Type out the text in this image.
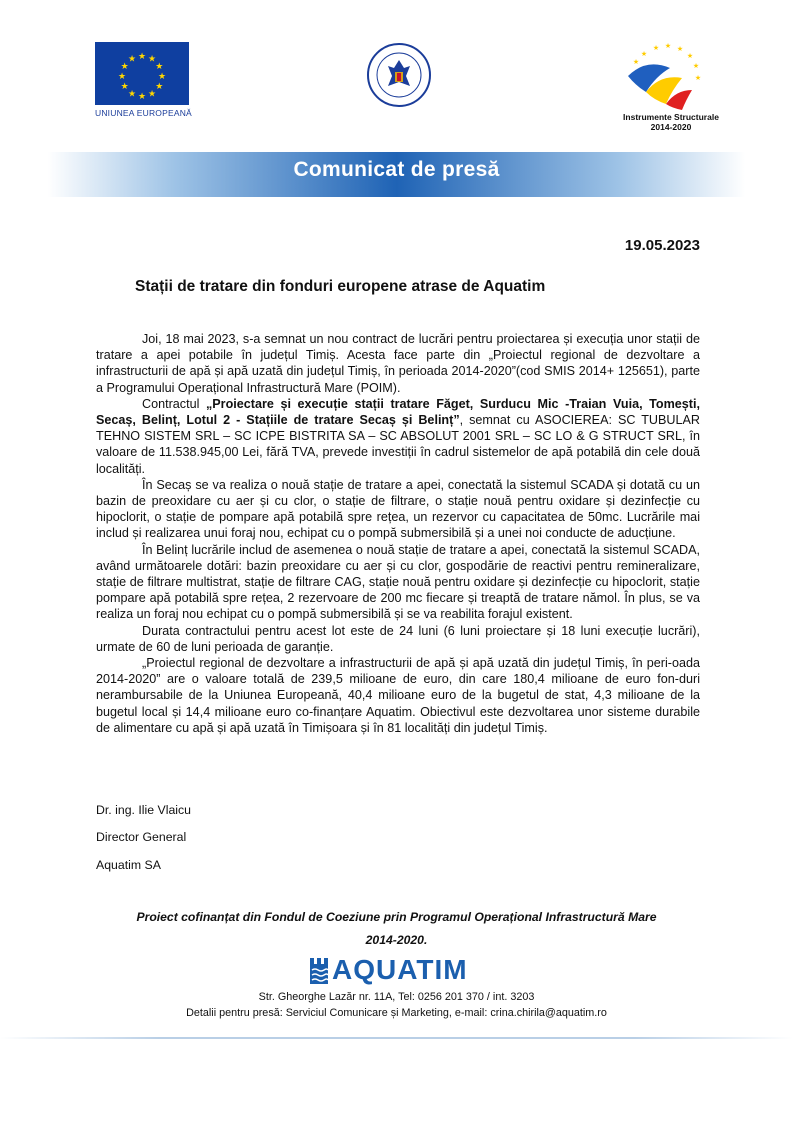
★ ★
★
★
★
★
★
★
★
★
★
★
UNIUNEA EUROPEANĂ
★ ★ ★
★
★
★
★
★
Instrumente Structurale
2014-2020
Comunicat de presă
19.05.2023
Stații de tratare din fonduri europene atrase de Aquatim

Joi, 18 mai 2023, s-a semnat un nou contract de lucrări pentru proiectarea și execuția unor stații de tratare a apei potabile în județul Timiș. Acesta face parte din „Proiectul regional de dezvoltare a infrastructurii de apă și apă uzată din județul Timiș, în perioada 2014-2020”(cod SMIS 2014+ 125651), parte a Programului Operațional Infrastructură Mare (POIM).

Contractul „Proiectare și execuție stații tratare Făget, Surducu Mic -Traian Vuia, Tomești, Secaș, Belinț, Lotul 2 - Stațiile de tratare Secaș și Belinț”, semnat cu ASOCIEREA: SC TUBULAR TEHNO SISTEM SRL – SC ICPE BISTRITA SA – SC ABSOLUT 2001 SRL – SC LO & G STRUCT SRL, în valoare de 11.538.945,00 Lei, fără TVA, prevede investiții în cadrul sistemelor de apă potabilă din cele două localități.

În Secaș se va realiza o nouă stație de tratare a apei, conectată la sistemul SCADA și dotată cu un bazin de preoxidare cu aer și cu clor, o stație de filtrare, o stație nouă pentru oxidare și dezinfecție cu hipoclorit, o stație de pompare apă potabilă spre rețea, un rezervor cu capacitatea de 50mc. Lucrările mai includ și realizarea unui foraj nou, echipat cu o pompă submersibilă și a unei noi conducte de aducțiune.

În Belinț lucrările includ de asemenea o nouă stație de tratare a apei, conectată la sistemul SCADA, având următoarele dotări: bazin preoxidare cu aer și cu clor, gospodărie de reactivi pentru remineralizare, stație de filtrare multistrat, stație de filtrare CAG, stație nouă pentru oxidare și dezinfecție cu hipoclorit, stație pompare apă potabilă spre rețea, 2 rezervoare de 200 mc fiecare și treaptă de tratare nămol. În plus, se va realiza un foraj nou echipat cu o pompă submersibilă și se va reabilita forajul existent.

Durata contractului pentru acest lot este de 24 luni (6 luni proiectare și 18 luni execuție lucrări), urmate de 60 de luni perioada de garanție.

„Proiectul regional de dezvoltare a infrastructurii de apă și apă uzată din județul Timiș, în peri-oada 2014-2020” are o valoare totală de 239,5 milioane de euro, din care 180,4 milioane de euro fon-duri nerambursabile de la Uniunea Europeană, 40,4 milioane euro de la bugetul de stat, 4,3 milioane de la bugetul local și 14,4 milioane euro co-finanțare Aquatim. Obiectivul este dezvoltarea unor sisteme durabile de alimentare cu apă și apă uzată în Timișoara și în 81 localități din județul Timiș.

Dr. ing. Ilie Vlaicu
Director General
Aquatim SA
Proiect cofinanțat din Fondul de Coeziune prin Programul Operațional Infrastructură Mare
2014-2020.
AQUATIM
Str. Gheorghe Lazăr nr. 11A, Tel: 0256 201 370 / int. 3203
Detalii pentru presă: Serviciul Comunicare și Marketing, e-mail: crina.chirila@aquatim.ro
